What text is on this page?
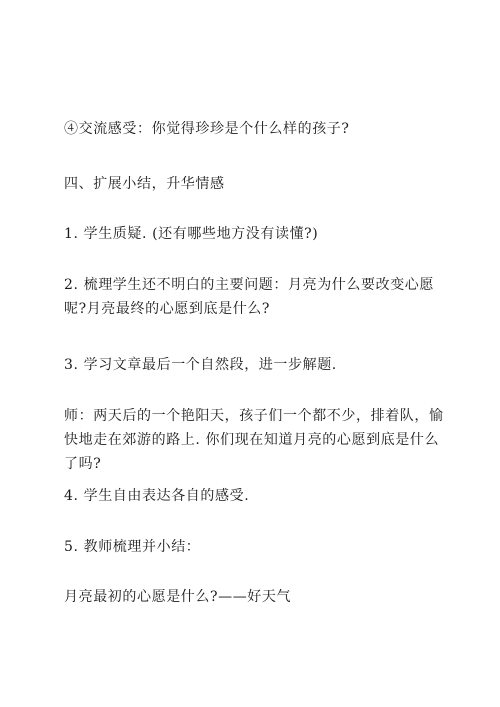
④交流感受：你觉得珍珍是个什么样的孩子?

四、扩展小结，升华情感

1. 学生质疑. (还有哪些地方没有读懂?)

2. 梳理学生还不明白的主要问题：月亮为什么要改变心愿呢?月亮最终的心愿到底是什么?

3. 学习文章最后一个自然段，进一步解题.

师：两天后的一个艳阳天，孩子们一个都不少，排着队，愉快地走在郊游的路上. 你们现在知道月亮的心愿到底是什么了吗?

4. 学生自由表达各自的感受.

5. 教师梳理并小结：

月亮最初的心愿是什么?——好天气
